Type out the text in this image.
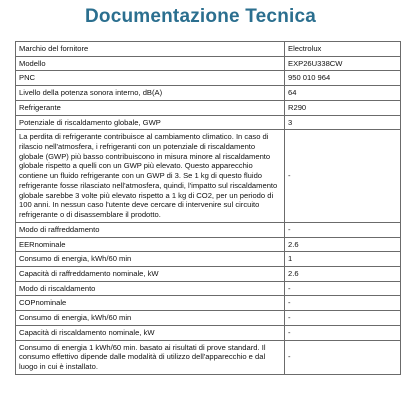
Documentazione Tecnica
Marchio del fornitore	Electrolux
Modello	EXP26U338CW
PNC	950 010 964
Livello della potenza sonora interno, dB(A)	64
Refrigerante	R290
Potenziale di riscaldamento globale, GWP	3
La perdita di refrigerante contribuisce al cambiamento climatico. In caso di rilascio nell'atmosfera, i refrigeranti con un potenziale di riscaldamento globale (GWP) più basso contribuiscono in misura minore al riscaldamento globale rispetto a quelli con un GWP più elevato. Questo apparecchio contiene un fluido refrigerante con un GWP di 3. Se 1 kg di questo fluido refrigerante fosse rilasciato nell'atmosfera, quindi, l'impatto sul riscaldamento globale sarebbe 3 volte più elevato rispetto a 1 kg di CO2, per un periodo di 100 anni. In nessun caso l'utente deve cercare di intervenire sul circuito refrigerante o di disassemblare il prodotto.	-
Modo di raffreddamento	-
EERnominale	2.6
Consumo di energia, kWh/60 min	1
Capacità di raffreddamento nominale, kW	2.6
Modo di riscaldamento	-
COPnominale	-
Consumo di energia, kWh/60 min	-
Capacità di riscaldamento nominale, kW	-
Consumo di energia 1 kWh/60 min. basato ai risultati di prove standard. Il consumo effettivo dipende dalle modalità di utilizzo dell'apparecchio e dal luogo in cui è installato.	-
